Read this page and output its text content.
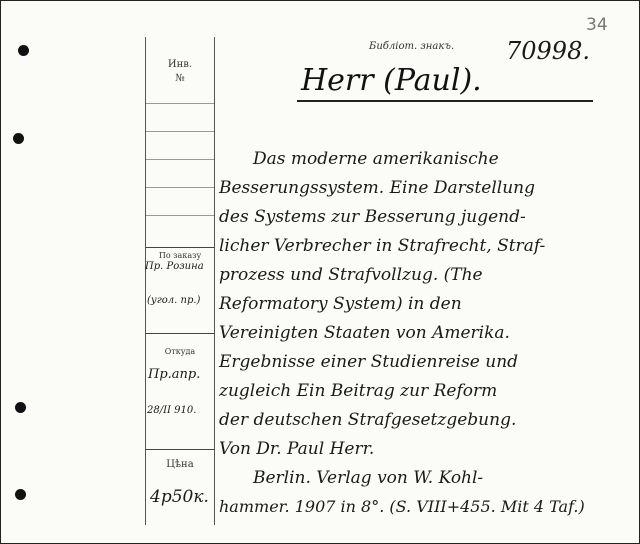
Инв.
№
По заказу
Откуда
Цѣна
Пр. Розина
(угол. пр.)
Пр.апр.
28/II 910.
4р50к.
34
Библіот. знакъ. 70998.
Herr (Paul).
Das moderne amerikanische
Besserungssystem. Eine Darstellung
des Systems zur Besserung jugend-
licher Verbrecher in Strafrecht, Straf-
prozess und Strafvollzug. (The
Reformatory System) in den
Vereinigten Staaten von Amerika.
Ergebnisse einer Studienreise und
zugleich Ein Beitrag zur Reform
der deutschen Strafgesetzgebung.
Von Dr. Paul Herr.
Berlin. Verlag von W. Kohl-
hammer. 1907 in 8°. (S. VIII+455. Mit 4 Taf.)
